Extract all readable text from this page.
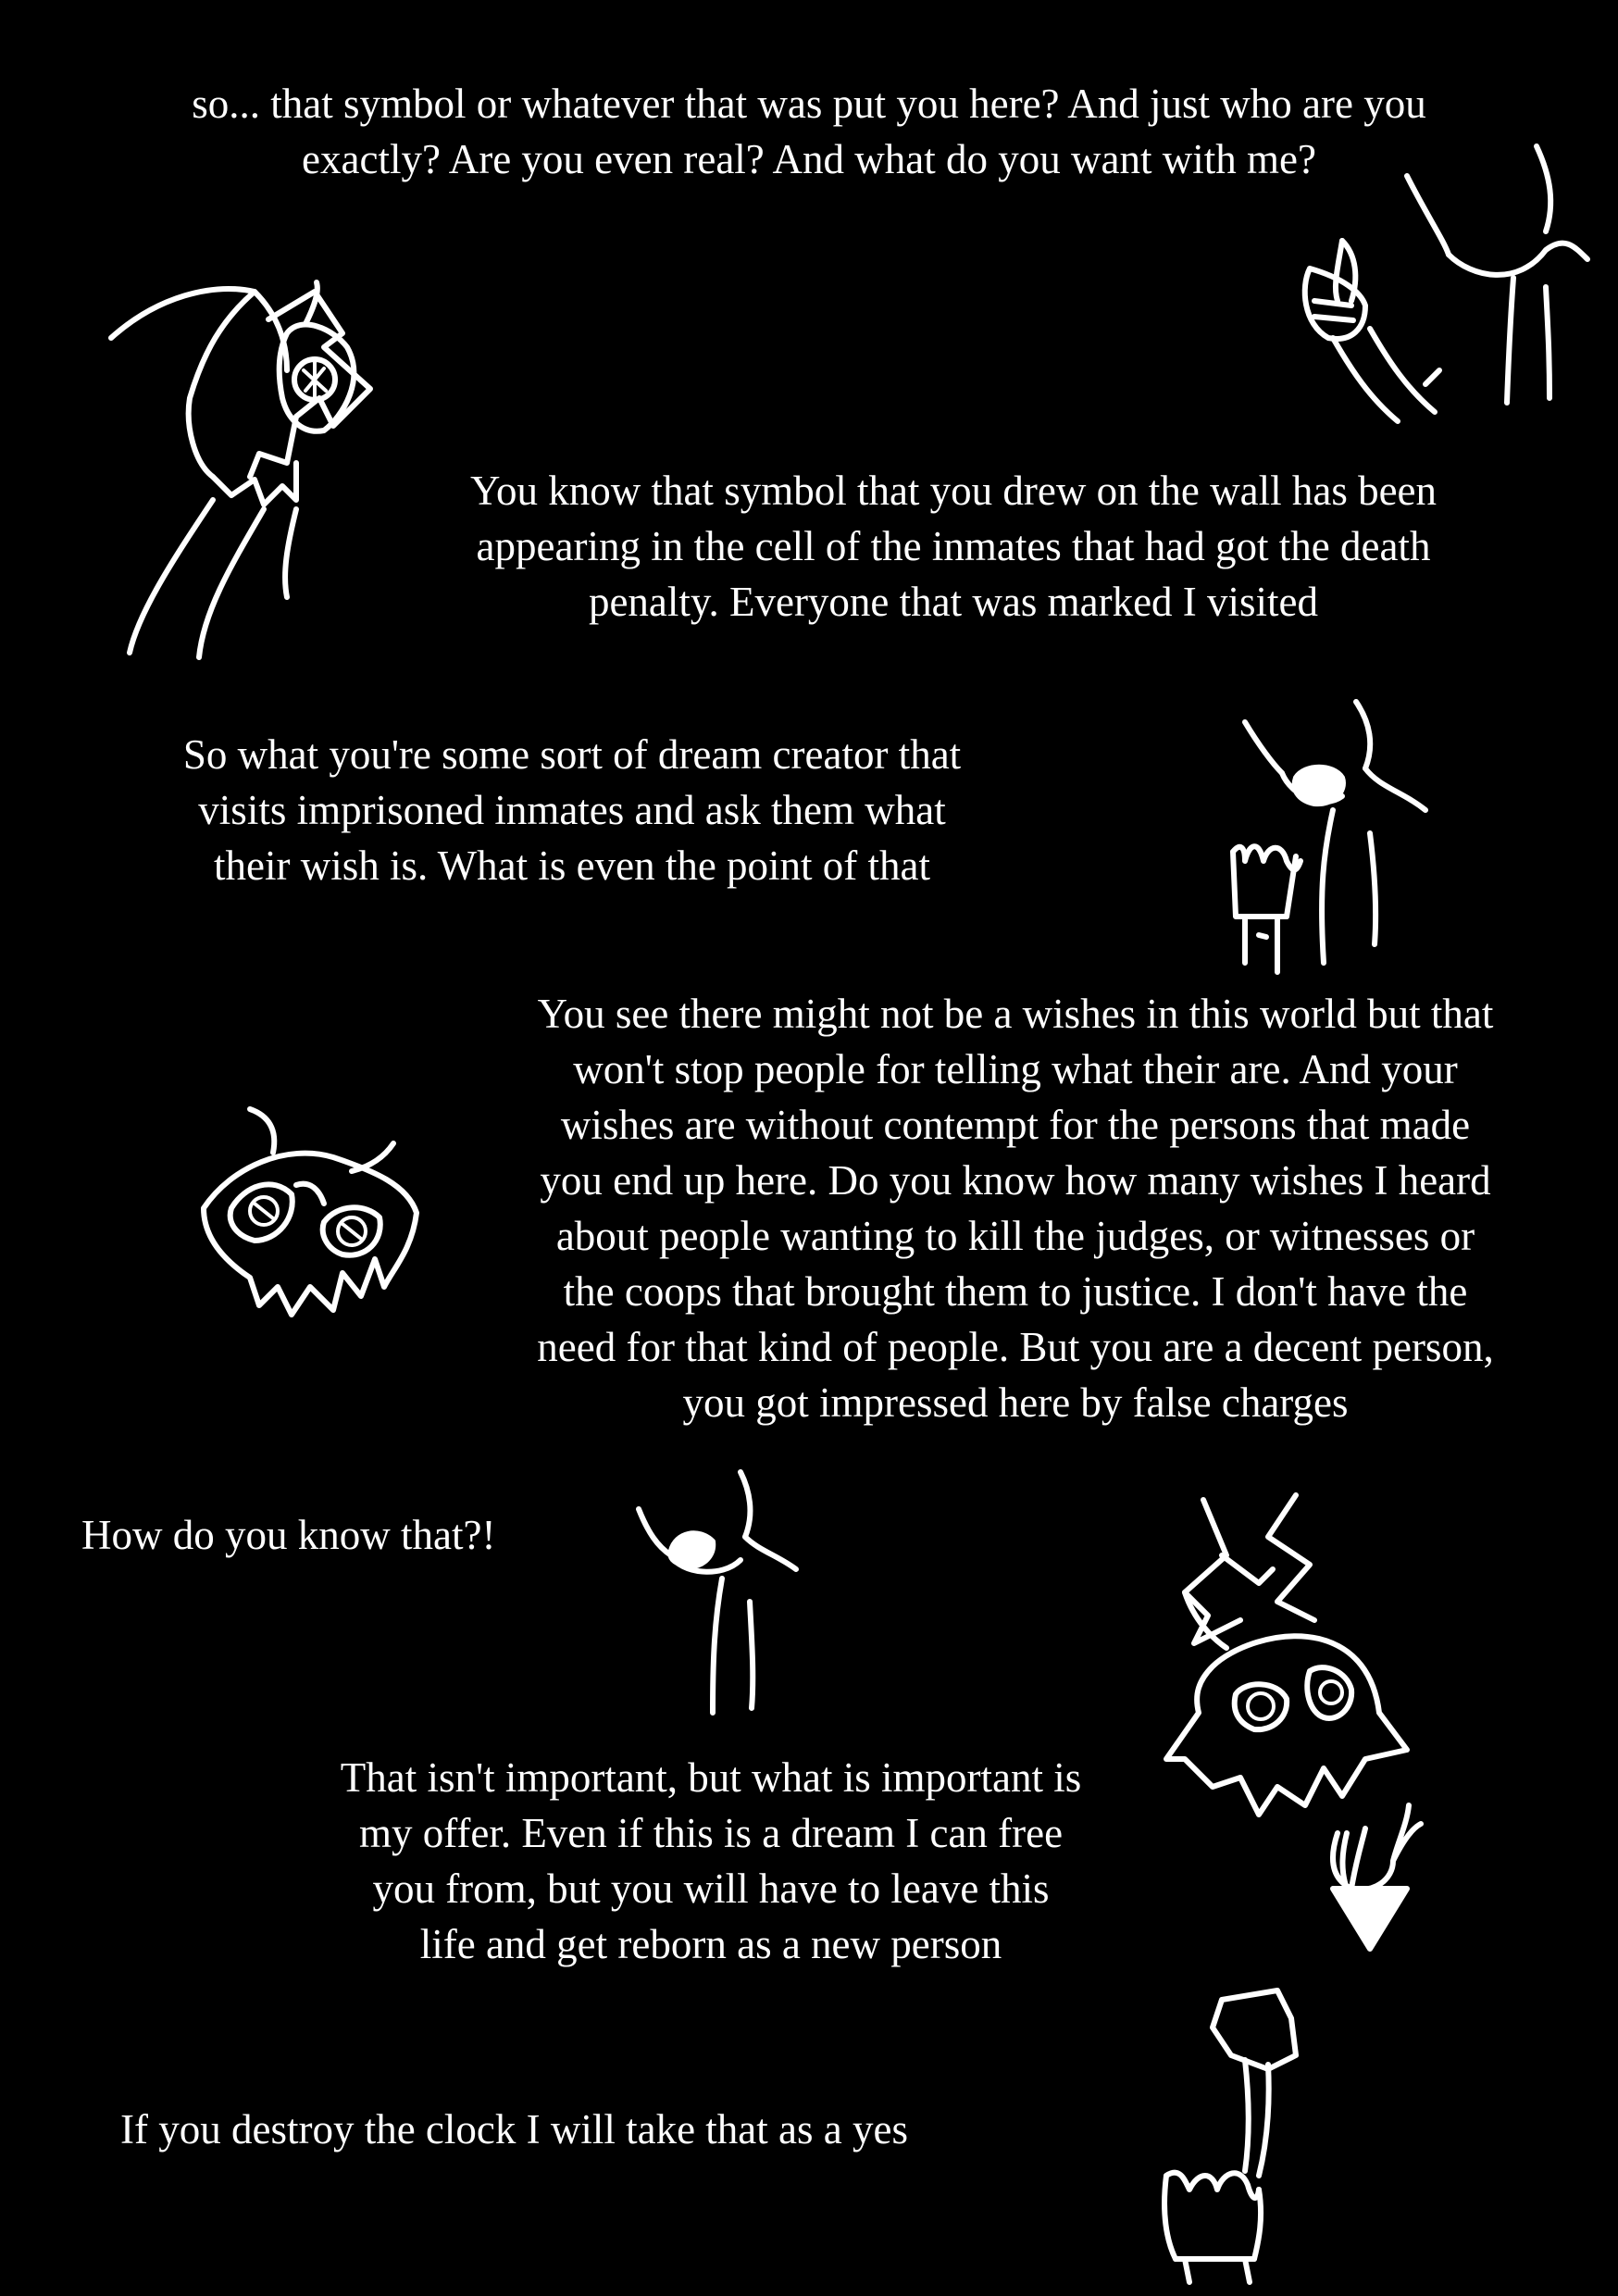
so... that symbol or whatever that was put you here? And just who are you
exactly? Are you even real? And what do you want with me?
You know that symbol that you drew on the wall has been
appearing in the cell of the inmates that had got the death
penalty. Everyone that was marked I visited
So what you're some sort of dream creator that
visits imprisoned inmates and ask them what
their wish is. What is even the point of that
You see there might not be a wishes in this world but that
won't stop people for telling what their are. And your
wishes are without contempt for the persons that made
you end up here. Do you know how many wishes I heard
about people wanting to kill the judges, or witnesses or
the coops that brought them to justice. I don't have the
need for that kind of people. But you are a decent person,
you got impressed here by false charges
How do you know that?!
That isn't important, but what is important is
my offer. Even if this is a dream I can free
you from, but you will have to leave this
life and get reborn as a new person
If you destroy the clock I will take that as a yes
